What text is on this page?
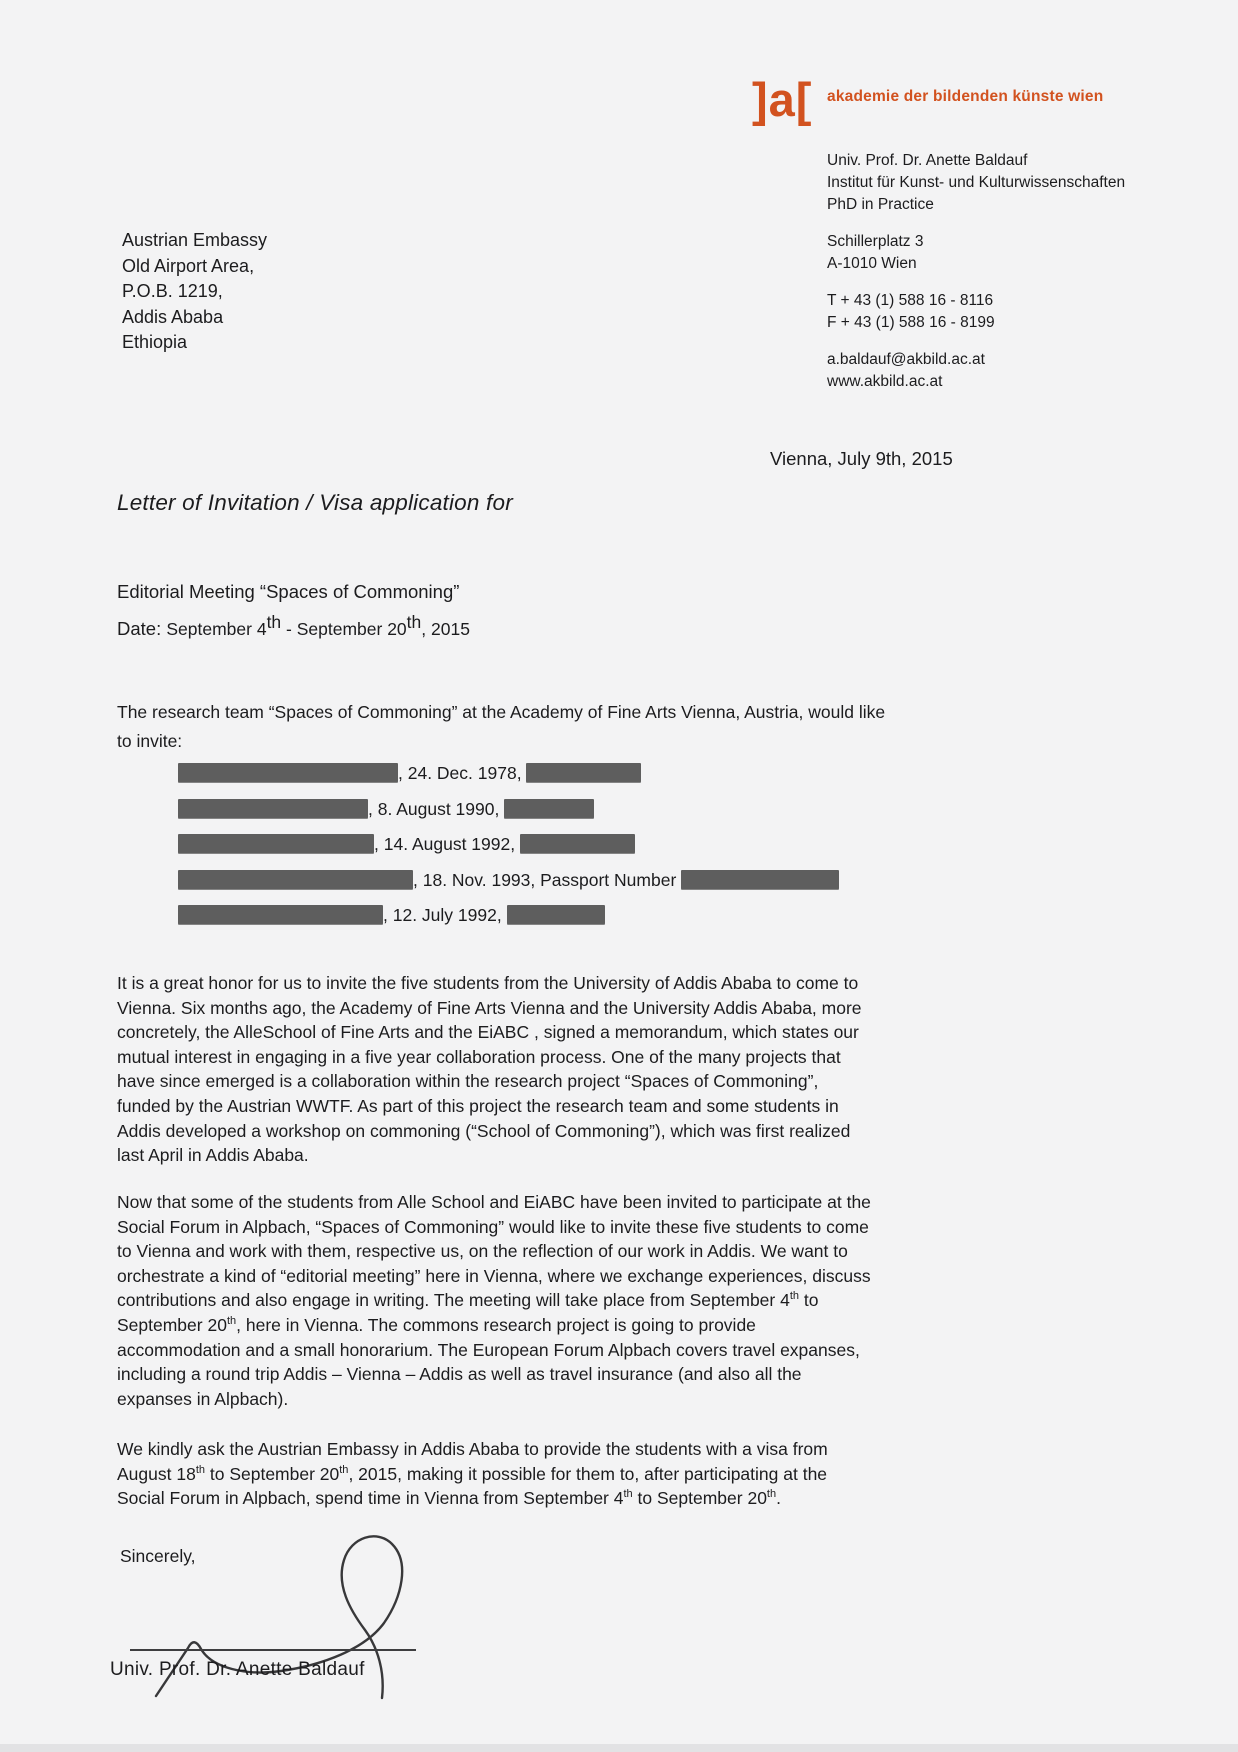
]a[ akademie der bildenden künste wien
Univ. Prof. Dr. Anette Baldauf
Institut für Kunst- und Kulturwissenschaften
PhD in Practice
Schillerplatz 3
A-1010 Wien
T + 43 (1) 588 16 - 8116
F + 43 (1) 588 16 - 8199
a.baldauf@akbild.ac.at
www.akbild.ac.at
Austrian Embassy
Old Airport Area,
P.O.B. 1219,
Addis Ababa
Ethiopia
Vienna, July 9th, 2015
Letter of Invitation / Visa application for
Editorial Meeting “Spaces of Commoning”
Date: September 4th - September 20th, 2015
The research team “Spaces of Commoning” at the Academy of Fine Arts Vienna, Austria, would like to invite:
, 24. Dec. 1978,
, 8. August 1990,
, 14. August 1992,
, 18. Nov. 1993, Passport Number
, 12. July 1992,
It is a great honor for us to invite the five students from the University of Addis Ababa to come to Vienna. Six months ago, the Academy of Fine Arts Vienna and the University Addis Ababa, more concretely, the AlleSchool of Fine Arts and the EiABC , signed a memorandum, which states our mutual interest in engaging in a five year collaboration process. One of the many projects that have since emerged is a collaboration within the research project “Spaces of Commoning”, funded by the Austrian WWTF. As part of this project the research team and some students in Addis developed a workshop on commoning (“School of Commoning”), which was first realized last April in Addis Ababa.
Now that some of the students from Alle School and EiABC have been invited to participate at the Social Forum in Alpbach, “Spaces of Commoning” would like to invite these five students to come to Vienna and work with them, respective us, on the reflection of our work in Addis. We want to orchestrate a kind of “editorial meeting” here in Vienna, where we exchange experiences, discuss contributions and also engage in writing. The meeting will take place from September 4th to September 20th, here in Vienna. The commons research project is going to provide accommodation and a small honorarium. The European Forum Alpbach covers travel expanses, including a round trip Addis – Vienna – Addis as well as travel insurance (and also all the expanses in Alpbach).
We kindly ask the Austrian Embassy in Addis Ababa to provide the students with a visa from August 18th to September 20th, 2015, making it possible for them to, after participating at the Social Forum in Alpbach, spend time in Vienna from September 4th to September 20th.
Sincerely,
Univ. Prof. Dr. Anette Baldauf
